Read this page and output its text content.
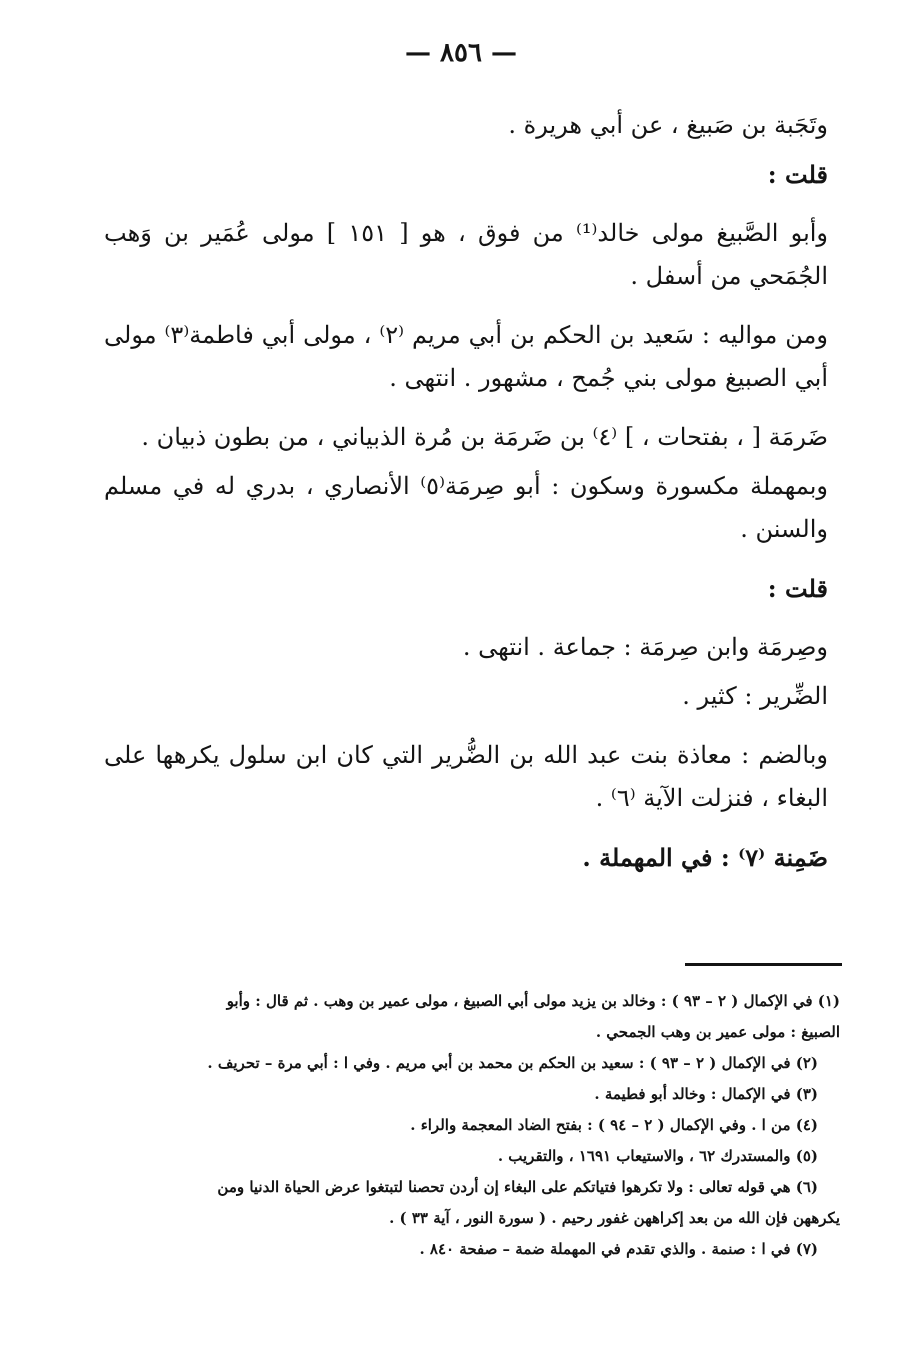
— ٨٥٦ —

وتَجَبة بن صَبيغ ، عن أبي هريرة .

قلت :

وأبو الصَّبيغ مولى خالد⁽¹⁾ من فوق ، هو [ ١٥١ ] مولى عُمَير بن وَهب الجُمَحي من أسفل .

ومن مواليه : سَعيد بن الحكم بن أبي مريم ⁽٢⁾ ، مولى أبي فاطمة⁽٣⁾ مولى أبي الصبيغ مولى بني جُمح ، مشهور . انتهى .

ضَرمَة [ ، بفتحات ، ] ⁽٤⁾ بن ضَرمَة بن مُرة الذبياني ، من بطون ذبيان .

وبمهملة مكسورة وسكون : أبو صِرمَة⁽٥⁾ الأنصاري ، بدري له في مسلم والسنن .

قلت :

وصِرمَة وابن صِرمَة : جماعة . انتهى .

الضِّرير : كثير .

وبالضم : معاذة بنت عبد الله بن الضُّرير التي كان ابن سلول يكرهها على البغاء ، فنزلت الآية ⁽٦⁾ .

ضَمِنة ⁽٧⁾ : في المهملة .

(١) في الإكمال ( ٢ – ٩٣ ) : وخالد بن يزيد مولى أبي الصبيغ ، مولى عمير بن وهب . ثم قال : وأبو

الصبيغ : مولى عمير بن وهب الجمحي .

(٢) في الإكمال ( ٢ – ٩٣ ) : سعيد بن الحكم بن محمد بن أبي مريم . وفي ا : أبي مرة – تحريف .

(٣) في الإكمال : وخالد أبو فطيمة .

(٤) من ا . وفي الإكمال ( ٢ – ٩٤ ) : بفتح الضاد المعجمة والراء .

(٥) والمستدرك ٦٢ ، والاستيعاب ١٦٩١ ، والتقريب .

(٦) هي قوله تعالى : ولا تكرهوا فتياتكم على البغاء إن أردن تحصنا لتبتغوا عرض الحياة الدنيا ومن

يكرههن فإن الله من بعد إكراههن غفور رحيم . ( سورة النور ، آية ٣٣ ) .

(٧) في ا : صنمة . والذي تقدم في المهملة ضمة – صفحة ٨٤٠ .
